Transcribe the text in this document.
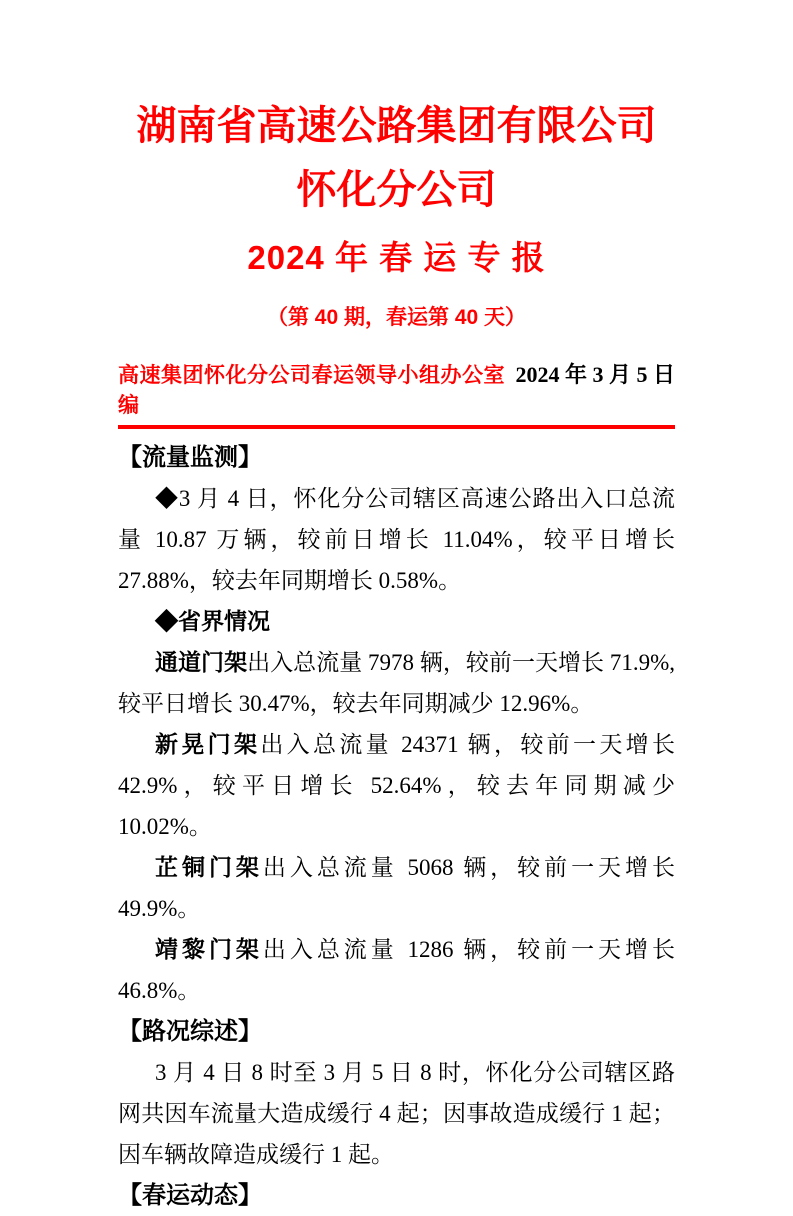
湖南省高速公路集团有限公司
怀化分公司
2024 年 春 运 专 报
（第 40 期，春运第 40 天）
高速集团怀化分公司春运领导小组办公室编
2024 年 3 月 5 日
【流量监测】

◆3 月 4 日，怀化分公司辖区高速公路出入口总流量 10.87 万辆，较前日增长 11.04%，较平日增长 27.88%，较去年同期增长 0.58%。

◆省界情况

通道门架出入总流量 7978 辆，较前一天增长 71.9%,较平日增长 30.47%，较去年同期减少 12.96%。

新晃门架出入总流量 24371 辆，较前一天增长 42.9%，较平日增长 52.64%，较去年同期减少 10.02%。

芷铜门架出入总流量 5068 辆，较前一天增长 49.9%。

靖黎门架出入总流量 1286 辆，较前一天增长 46.8%。

【路况综述】

3 月 4 日 8 时至 3 月 5 日 8 时，怀化分公司辖区路网共因车流量大造成缓行 4 起；因事故造成缓行 1 起；因车辆故障造成缓行 1 起。

【春运动态】
